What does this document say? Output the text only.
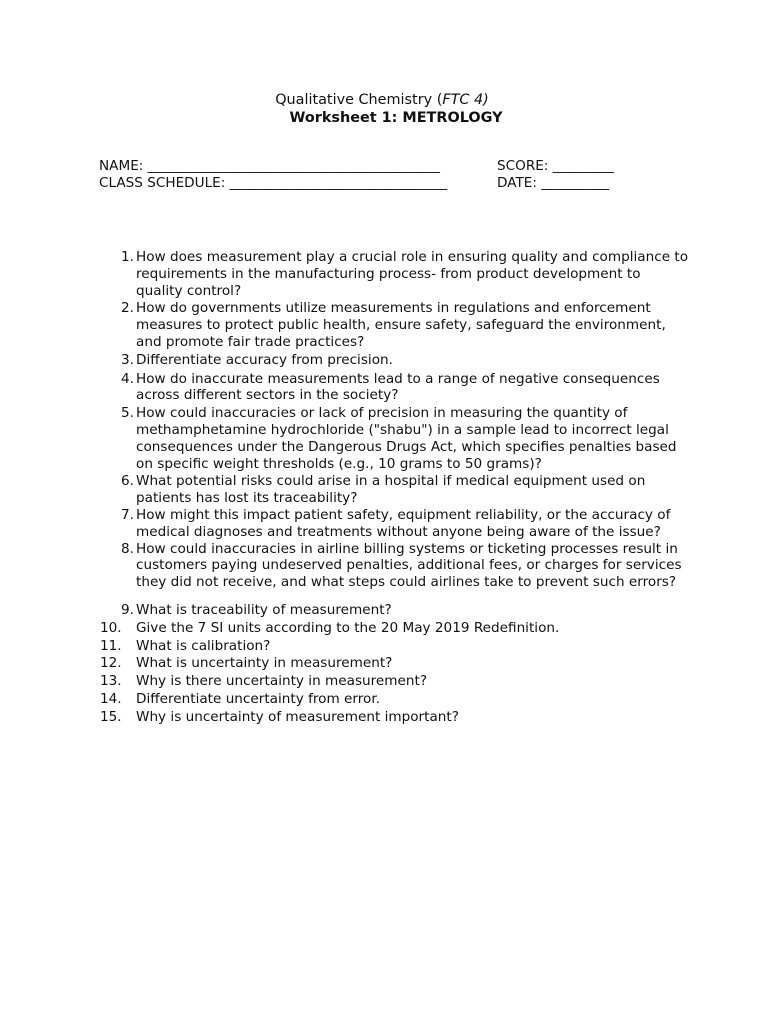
Qualitative Chemistry (FTC 4)
Worksheet 1: METROLOGY
NAME: ___________________________________________	SCORE: _________
CLASS SCHEDULE: ________________________________	DATE: __________
1. How does measurement play a crucial role in ensuring quality and compliance to requirements in the manufacturing process- from product development to quality control?
2. How do governments utilize measurements in regulations and enforcement measures to protect public health, ensure safety, safeguard the environment, and promote fair trade practices?
3. Differentiate accuracy from precision.
4. How do inaccurate measurements lead to a range of negative consequences across different sectors in the society?
5. How could inaccuracies or lack of precision in measuring the quantity of methamphetamine hydrochloride ("shabu") in a sample lead to incorrect legal consequences under the Dangerous Drugs Act, which specifies penalties based on specific weight thresholds (e.g., 10 grams to 50 grams)?
6. What potential risks could arise in a hospital if medical equipment used on patients has lost its traceability?
7. How might this impact patient safety, equipment reliability, or the accuracy of medical diagnoses and treatments without anyone being aware of the issue?
8. How could inaccuracies in airline billing systems or ticketing processes result in customers paying undeserved penalties, additional fees, or charges for services they did not receive, and what steps could airlines take to prevent such errors?
9. What is traceability of measurement?
10.	Give the 7 SI units according to the 20 May 2019 Redefinition.
11.	What is calibration?
12.	What is uncertainty in measurement?
13.	Why is there uncertainty in measurement?
14.	Differentiate uncertainty from error.
15.	Why is uncertainty of measurement important?
